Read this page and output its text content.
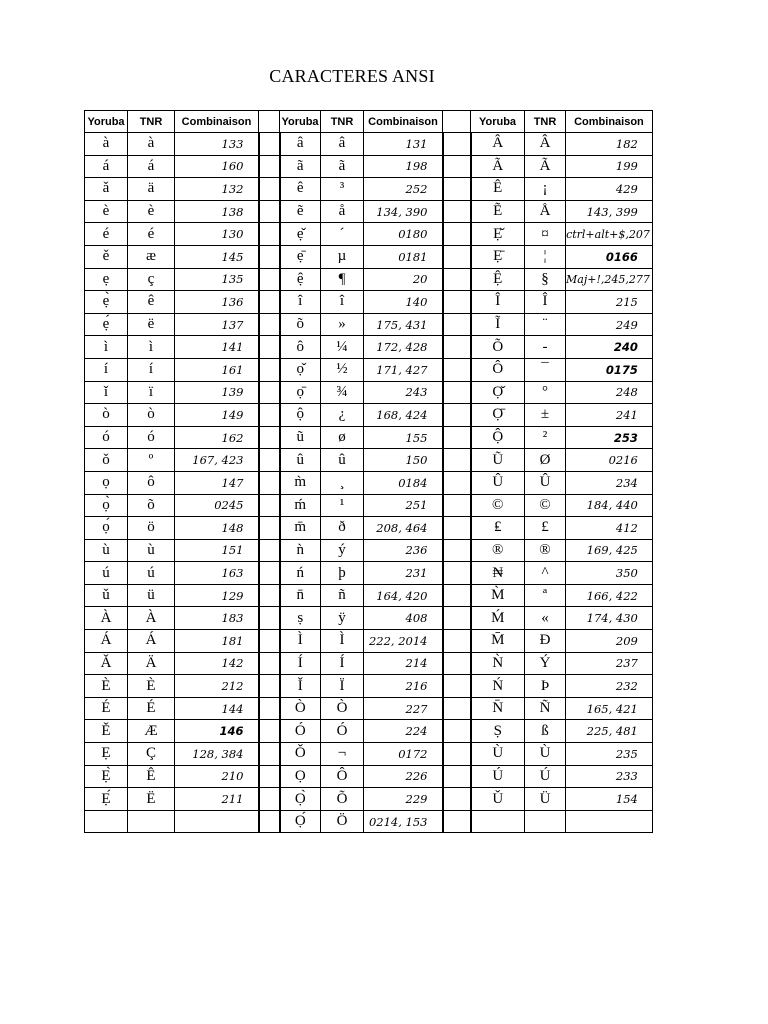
CARACTERES ANSI
Yoruba	TNR	Combinaison		Yoruba	TNR	Combinaison		Yoruba	TNR	Combinaison
à	à	133		â	â	131		Â	Â	182
á	á	160		ã	ã	198		Ã	Ã	199
ǎ	ä	132		ê	³	252		Ê	¡	429
è	è	138		ẽ	å	134, 390		Ẽ	Å	143, 399
é	é	130		ẹ̌	´	0180		Ẹ̌	¤	ctrl+alt+$,207
ě	æ	145		ẹ̄	µ	0181		Ẹ̄	¦	0166
ẹ	ç	135		ệ	¶	20		Ệ	§	Maj+!,245,277
ẹ̀	ê	136		î	î	140		Î	Î	215
ẹ́	ë	137		õ	»	175, 431		Ĩ	¨	249
ì	ì	141		ô	¼	172, 428		Õ	-	240
í	í	161		ọ̌	½	171, 427		Ô	¯	0175
ǐ	ï	139		ọ̄	¾	243		Ọ̌	°	248
ò	ò	149		ộ	¿	168, 424		Ọ̄	±	241
ó	ó	162		ũ	ø	155		Ộ	²	253
ǒ	º	167, 423		û	û	150		Ũ	Ø	0216
ọ	ô	147		m̀	¸	0184		Û	Û	234
ọ̀	õ	0245		ḿ	¹	251		©	©	184, 440
ọ́	ö	148		m̄	ð	208, 464		₤	£	412
ù	ù	151		ǹ	ý	236		®	®	169, 425
ú	ú	163		ń	þ	231		₦	^	350
ǔ	ü	129		n̄	ñ	164, 420		M̀	ª	166, 422
À	À	183		ṣ	ÿ	408		Ḿ	«	174, 430
Á	Á	181		Ì	Ì	222, 2014		M̄	Đ	209
Ǎ	Ä	142		Í	Í	214		Ǹ	Ý	237
È	È	212		Ǐ	Ï	216		Ń	Þ	232
É	É	144		Ò	Ò	227		N̄	Ñ	165, 421
Ě	Æ	146		Ó	Ó	224		Ṣ	ß	225, 481
Ẹ	Ç	128, 384		Ǒ	¬	0172		Ù	Ù	235
Ẹ̀	Ê	210		Ọ	Ô	226		Ú	Ú	233
Ẹ́	Ë	211		Ọ̀	Õ	229		Ǔ	Ü	154
				Ọ́	Ö	0214, 153				
